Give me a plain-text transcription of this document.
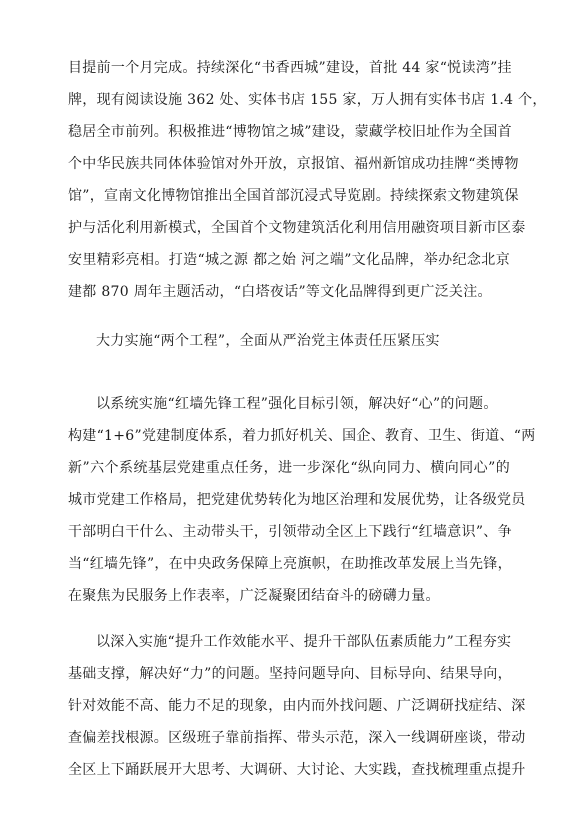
目提前一个月完成。持续深化“书香西城”建设，首批 44 家“悦读湾”挂
牌，现有阅读设施 362 处、实体书店 155 家，万人拥有实体书店 1.4 个，
稳居全市前列。积极推进“博物馆之城”建设，蒙藏学校旧址作为全国首
个中华民族共同体体验馆对外开放，京报馆、福州新馆成功挂牌“类博物
馆”，宣南文化博物馆推出全国首部沉浸式导览剧。持续探索文物建筑保
护与活化利用新模式，全国首个文物建筑活化利用信用融资项目新市区泰
安里精彩亮相。打造“城之源 都之始 河之端”文化品牌，举办纪念北京
建都 870 周年主题活动，“白塔夜话”等文化品牌得到更广泛关注。
大力实施“两个工程”，全面从严治党主体责任压紧压实
以系统实施“红墙先锋工程”强化目标引领，解决好“心”的问题。
构建“1+6”党建制度体系，着力抓好机关、国企、教育、卫生、街道、“两
新”六个系统基层党建重点任务，进一步深化“纵向同力、横向同心”的
城市党建工作格局，把党建优势转化为地区治理和发展优势，让各级党员
干部明白干什么、主动带头干，引领带动全区上下践行“红墙意识”、争
当“红墙先锋”，在中央政务保障上亮旗帜，在助推改革发展上当先锋，
在聚焦为民服务上作表率，广泛凝聚团结奋斗的磅礴力量。
以深入实施“提升工作效能水平、提升干部队伍素质能力”工程夯实
基础支撑，解决好“力”的问题。坚持问题导向、目标导向、结果导向，
针对效能不高、能力不足的现象，由内而外找问题、广泛调研找症结、深
查偏差找根源。区级班子靠前指挥、带头示范，深入一线调研座谈，带动
全区上下踊跃展开大思考、大调研、大讨论、大实践，查找梳理重点提升
